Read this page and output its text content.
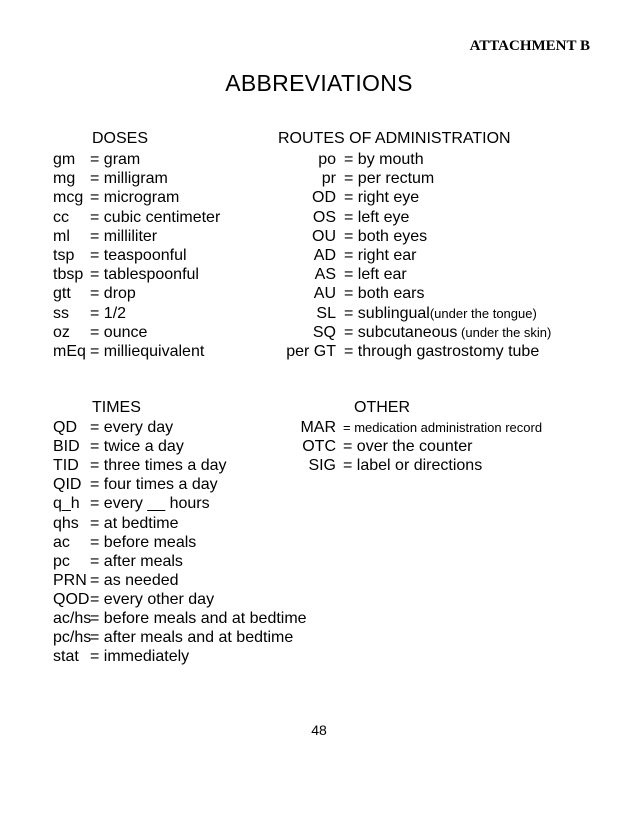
ATTACHMENT B
ABBREVIATIONS
DOSES	ROUTES OF ADMINISTRATION
TIMES	OTHER
gm = gram
mg = milligram
mcg = microgram
cc = cubic centimeter
ml = milliliter
tsp = teaspoonful
tbsp = tablespoonful
gtt = drop
ss = 1/2
oz = ounce
mEq = milliequivalent
po = by mouth
pr = per rectum
OD = right eye
OS = left eye
OU = both eyes
AD = right ear
AS = left ear
AU = both ears
SL = sublingual(under the tongue)
SQ = subcutaneous (under the skin)
per GT = through gastrostomy tube
QD = every day
BID = twice a day
TID = three times a day
QID = four times a day
q_h = every __ hours
qhs = at bedtime
ac = before meals
pc = after meals
PRN = as needed
QOD = every other day
ac/hs
= before meals and at bedtime
pc/hs
= after meals and at bedtime
stat = immediately
MAR = medication administration record
OTC = over the counter
SIG = label or directions
48
